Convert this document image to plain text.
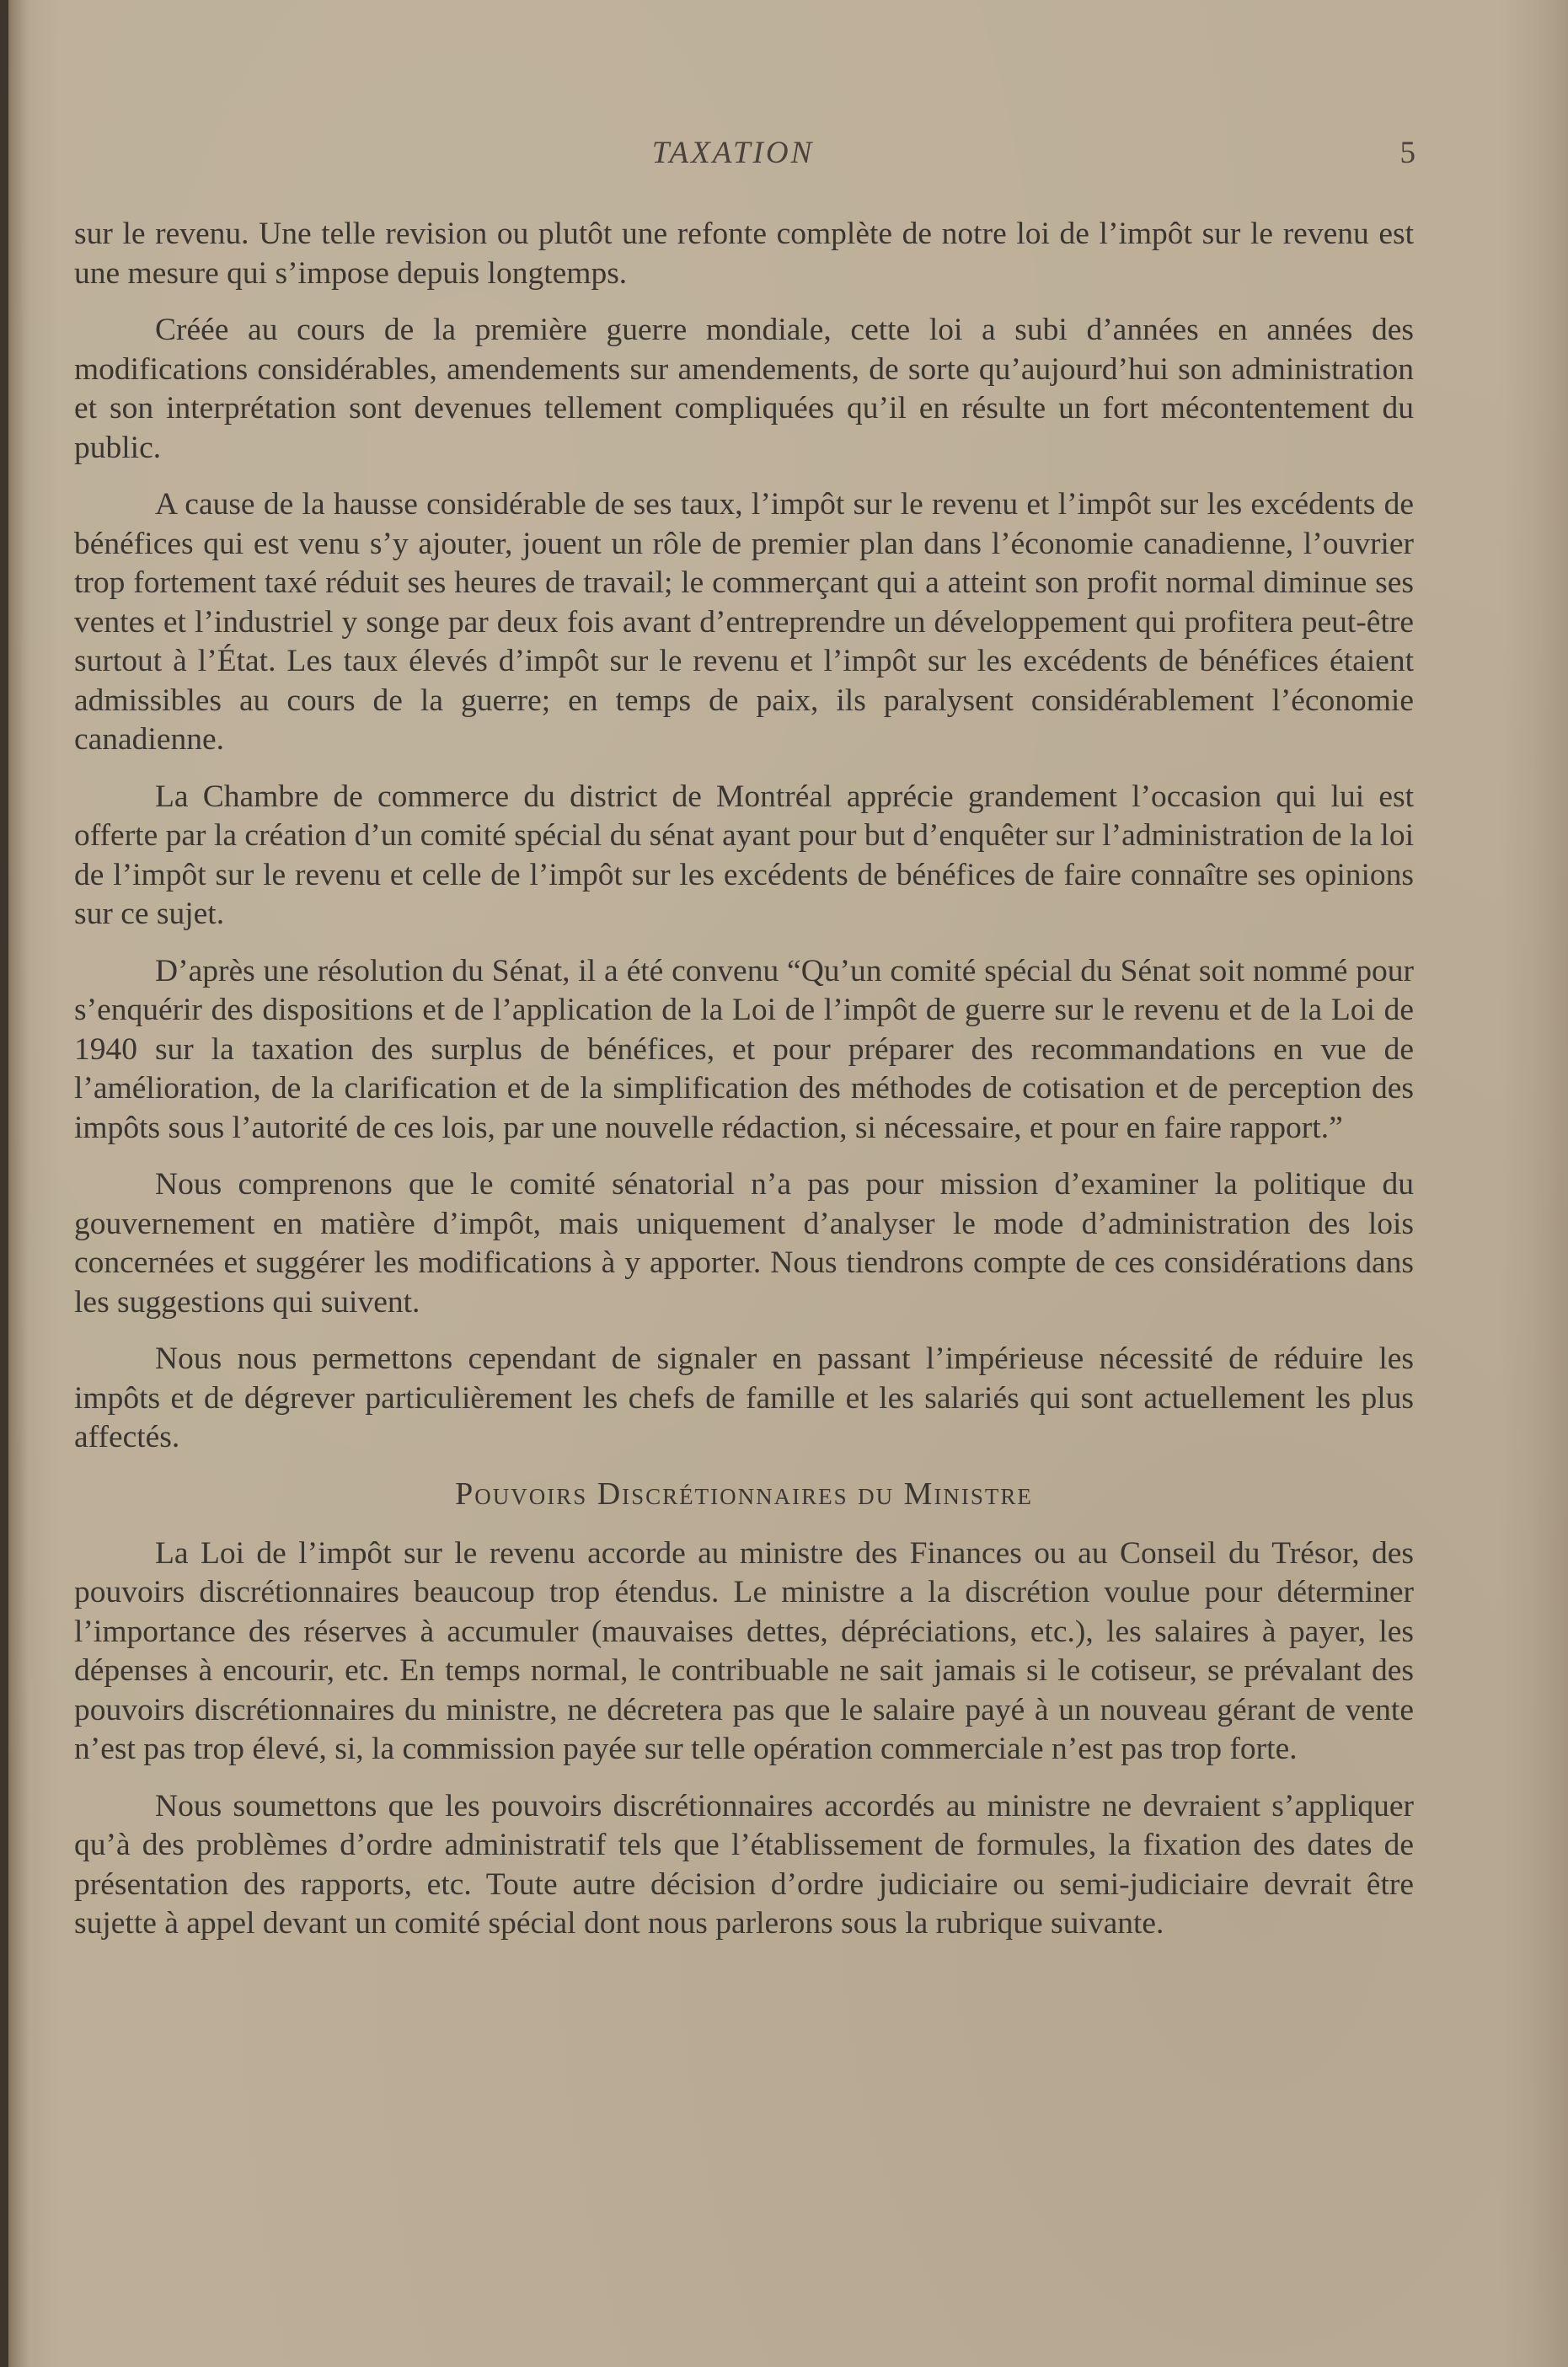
TAXATION	5

sur le revenu. Une telle revision ou plutôt une refonte complète de notre loi de l’impôt sur le revenu est une mesure qui s’impose depuis longtemps.

Créée au cours de la première guerre mondiale, cette loi a subi d’années en années des modifications considérables, amendements sur amendements, de sorte qu’aujourd’hui son administration et son interprétation sont devenues tellement compliquées qu’il en résulte un fort mécontentement du public.

A cause de la hausse considérable de ses taux, l’impôt sur le revenu et l’impôt sur les excédents de bénéfices qui est venu s’y ajouter, jouent un rôle de premier plan dans l’économie canadienne, l’ouvrier trop fortement taxé réduit ses heures de travail; le commerçant qui a atteint son profit normal diminue ses ventes et l’industriel y songe par deux fois avant d’entreprendre un développement qui profitera peut-être surtout à l’État. Les taux élevés d’impôt sur le revenu et l’impôt sur les excédents de bénéfices étaient admissibles au cours de la guerre; en temps de paix, ils paralysent considérablement l’économie canadienne.

La Chambre de commerce du district de Montréal apprécie grandement l’occasion qui lui est offerte par la création d’un comité spécial du sénat ayant pour but d’enquêter sur l’administration de la loi de l’impôt sur le revenu et celle de l’impôt sur les excédents de bénéfices de faire connaître ses opinions sur ce sujet.

D’après une résolution du Sénat, il a été convenu “Qu’un comité spécial du Sénat soit nommé pour s’enquérir des dispositions et de l’application de la Loi de l’impôt de guerre sur le revenu et de la Loi de 1940 sur la taxation des surplus de bénéfices, et pour préparer des recommandations en vue de l’amélioration, de la clarification et de la simplification des méthodes de cotisation et de perception des impôts sous l’autorité de ces lois, par une nouvelle rédaction, si nécessaire, et pour en faire rapport.”

Nous comprenons que le comité sénatorial n’a pas pour mission d’examiner la politique du gouvernement en matière d’impôt, mais uniquement d’analyser le mode d’administration des lois concernées et suggérer les modifications à y apporter. Nous tiendrons compte de ces considérations dans les suggestions qui suivent.

Nous nous permettons cependant de signaler en passant l’impérieuse nécessité de réduire les impôts et de dégrever particulièrement les chefs de famille et les salariés qui sont actuellement les plus affectés.

Pouvoirs Discrétionnaires du Ministre

La Loi de l’impôt sur le revenu accorde au ministre des Finances ou au Conseil du Trésor, des pouvoirs discrétionnaires beaucoup trop étendus. Le ministre a la discrétion voulue pour déterminer l’importance des réserves à accumuler (mauvaises dettes, dépréciations, etc.), les salaires à payer, les dépenses à encourir, etc. En temps normal, le contribuable ne sait jamais si le cotiseur, se prévalant des pouvoirs discrétionnaires du ministre, ne décretera pas que le salaire payé à un nouveau gérant de vente n’est pas trop élevé, si, la commission payée sur telle opération commerciale n’est pas trop forte.

Nous soumettons que les pouvoirs discrétionnaires accordés au ministre ne devraient s’appliquer qu’à des problèmes d’ordre administratif tels que l’établissement de formules, la fixation des dates de présentation des rapports, etc. Toute autre décision d’ordre judiciaire ou semi-judiciaire devrait être sujette à appel devant un comité spécial dont nous parlerons sous la rubrique suivante.
